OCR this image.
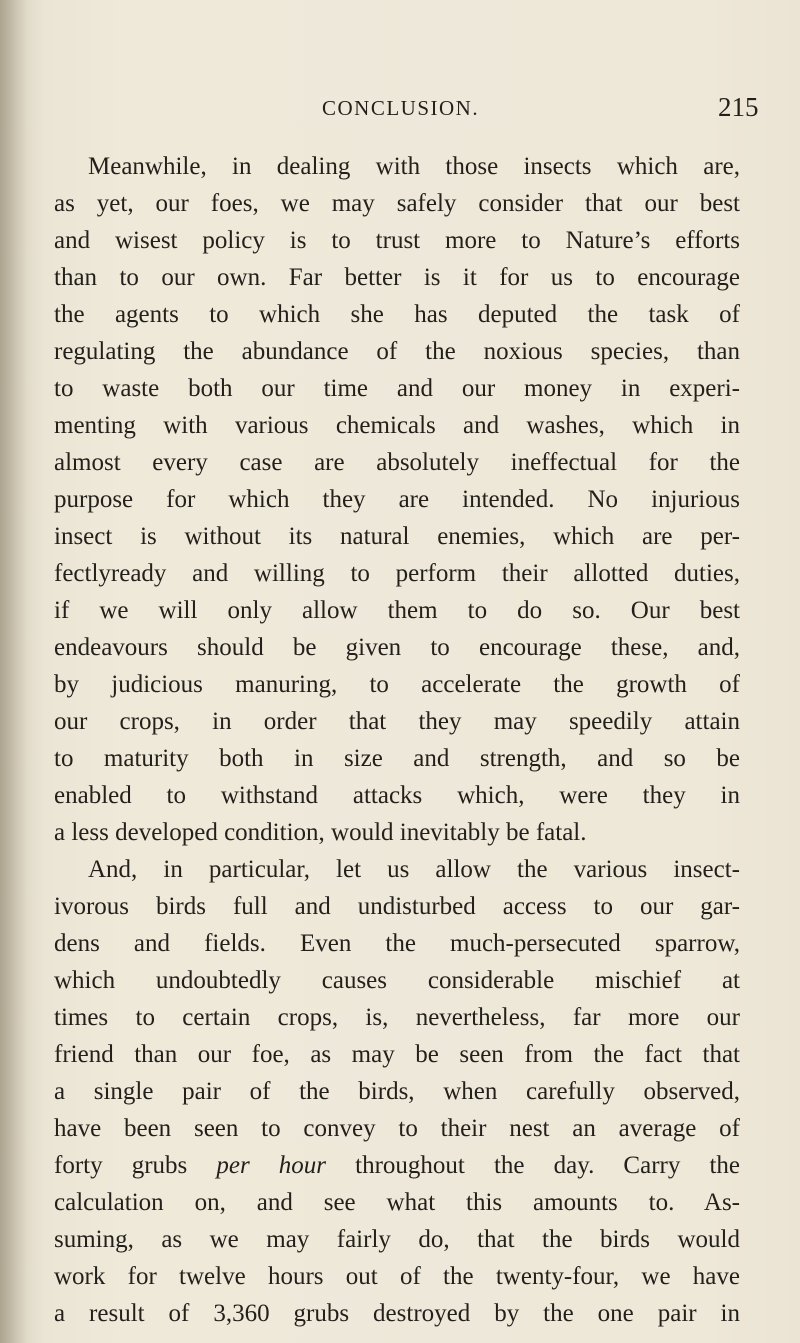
CONCLUSION.	215
Meanwhile, in dealing with those insects which are,
as yet, our foes, we may safely consider that our best
and wisest policy is to trust more to Nature’s efforts
than to our own. Far better is it for us to encourage
the agents to which she has deputed the task of
regulating the abundance of the noxious species, than
to waste both our time and our money in experi-
menting with various chemicals and washes, which in
almost every case are absolutely ineffectual for the
purpose for which they are intended. No injurious
insect is without its natural enemies, which are per-
fectlyready and willing to perform their allotted duties,
if we will only allow them to do so. Our best
endeavours should be given to encourage these, and,
by judicious manuring, to accelerate the growth of
our crops, in order that they may speedily attain
to maturity both in size and strength, and so be
enabled to withstand attacks which, were they in
a less developed condition, would inevitably be fatal.
And, in particular, let us allow the various insect-
ivorous birds full and undisturbed access to our gar-
dens and fields. Even the much-persecuted sparrow,
which undoubtedly causes considerable mischief at
times to certain crops, is, nevertheless, far more our
friend than our foe, as may be seen from the fact that
a single pair of the birds, when carefully observed,
have been seen to convey to their nest an average of
forty grubs per hour throughout the day. Carry the
calculation on, and see what this amounts to. As-
suming, as we may fairly do, that the birds would
work for twelve hours out of the twenty-four, we have
a result of 3,360 grubs destroyed by the one pair in
